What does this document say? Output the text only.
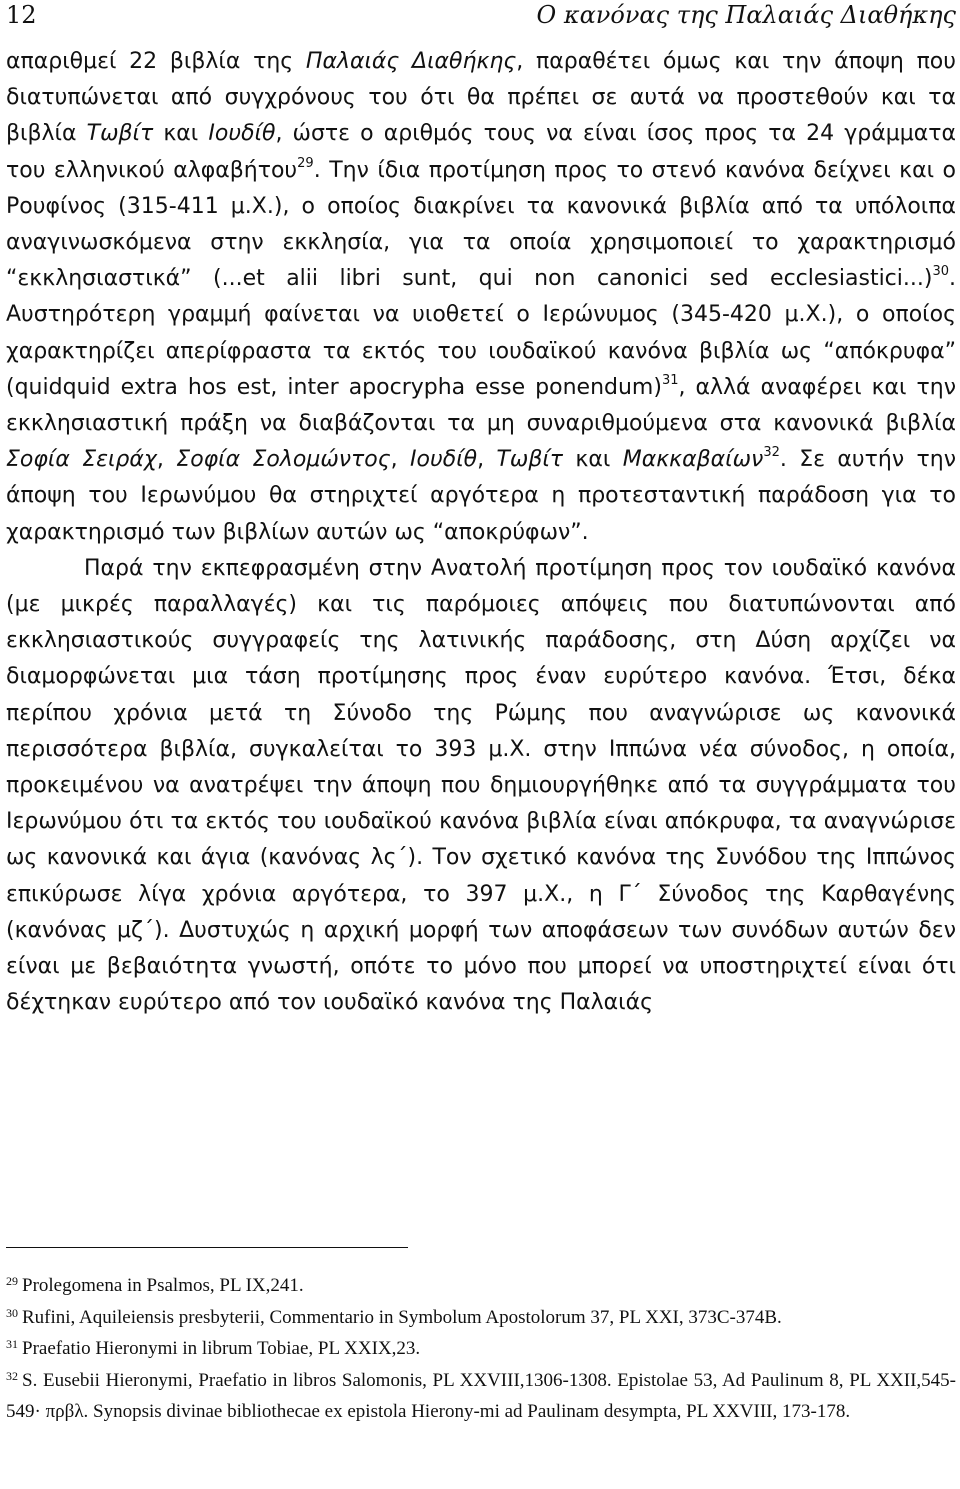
12	Ο κανόνας της Παλαιάς Διαθήκης

απαριθμεί 22 βιβλία της Παλαιάς Διαθήκης, παραθέτει όμως και την άποψη που διατυπώνεται από συγχρόνους του ότι θα πρέπει σε αυτά να προστεθούν και τα βιβλία Τωβίτ και Ιουδίθ, ώστε ο αριθμός τους να είναι ίσος προς τα 24 γράμματα του ελληνικού αλφαβήτου$^{29}$. Την ίδια προτίμηση προς το στενό κανόνα δείχνει και ο Ρουφίνος (315-411 μ.Χ.), ο οποίος διακρίνει τα κανονικά βιβλία από τα υπόλοιπα αναγινωσκόμενα στην εκκλησία, για τα οποία χρησιμοποιεί το χαρακτηρισμό “εκκλησιαστικά” (...et alii libri sunt, qui non canonici sed ecclesiastici...)$^{30}$. Αυστηρότερη γραμμή φαίνεται να υιοθετεί ο Ιερώνυμος (345-420 μ.Χ.), ο οποίος χαρακτηρίζει απερίφραστα τα εκτός του ιουδαϊκού κανόνα βιβλία ως “απόκρυφα” (quidquid extra hos est, inter apocrypha esse ponendum)$^{31}$, αλλά αναφέρει και την εκκλησιαστική πράξη να διαβάζονται τα μη συναριθμούμενα στα κανονικά βιβλία Σοφία Σειράχ, Σοφία Σολομώντος, Ιουδίθ, Τωβίτ και Μακκαβαίων$^{32}$. Σε αυτήν την άποψη του Ιερωνύμου θα στηριχτεί αργότερα η προτεσταντική παράδοση για το χαρακτηρισμό των βιβλίων αυτών ως “αποκρύφων”.

Παρά την εκπεφρασμένη στην Ανατολή προτίμηση προς τον ιουδαϊκό κανόνα (με μικρές παραλλαγές) και τις παρόμοιες απόψεις που διατυπώνονται από εκκλησιαστικούς συγγραφείς της λατινικής παράδοσης, στη Δύση αρχίζει να διαμορφώνεται μια τάση προτίμησης προς έναν ευρύτερο κανόνα. Έτσι, δέκα περίπου χρόνια μετά τη Σύνοδο της Ρώμης που αναγνώρισε ως κανονικά περισσότερα βιβλία, συγκαλείται το 393 μ.Χ. στην Ιππώνα νέα σύνοδος, η οποία, προκειμένου να ανατρέψει την άποψη που δημιουργήθηκε από τα συγγράμματα του Ιερωνύμου ότι τα εκτός του ιουδαϊκού κανόνα βιβλία είναι απόκρυφα, τα αναγνώρισε ως κανονικά και άγια (κανόνας λς΄). Τον σχετικό κανόνα της Συνόδου της Ιππώνος επικύρωσε λίγα χρόνια αργότερα, το 397 μ.Χ., η Γ΄ Σύνοδος της Καρθαγένης (κανόνας μζ΄). Δυστυχώς η αρχική μορφή των αποφάσεων των συνόδων αυτών δεν είναι με βεβαιότητα γνωστή, οπότε το μόνο που μπορεί να υποστηριχτεί είναι ότι δέχτηκαν ευρύτερο από τον ιουδαϊκό κανόνα της Παλαιάς

$^{29}$ Prolegomena in Psalmos, PL IX,241.

$^{30}$ Rufini, Aquileiensis presbyterii, Commentario in Symbolum Apostolorum 37, PL XXI, 373C-374B.

$^{31}$ Praefatio Hieronymi in librum Tobiae, PL XXIX,23.

$^{32}$ S. Eusebii Hieronymi, Praefatio in libros Salomonis, PL XXVIII,1306-1308. Epistolae 53, Ad Paulinum 8, PL XXII,545-549· πρβλ. Synopsis divinae bibliothecae ex epistola Hierony-mi ad Paulinam desympta, PL XXVIII, 173-178.
